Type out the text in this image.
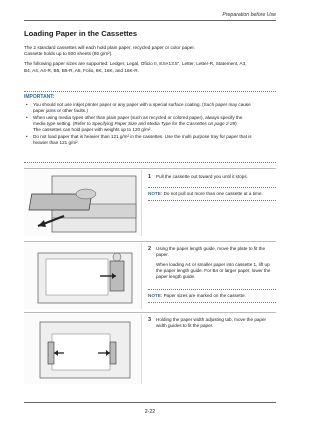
Preparation before Use
Loading Paper in the Cassettes

The 2 standard cassettes will each hold plain paper, recycled paper or color paper.
Cassette holds up to 500 sheets (80 g/m²).

The following paper sizes are supported: Ledger, Legal, Oficio II, 8.5×13.5", Letter, Letter-R, Statement, A3,
B4, A4, A4-R, B5, B5-R, A5, Folio, 8K, 16K, and 16K-R.

IMPORTANT:
• You should not use inkjet printer paper or any paper with a special surface coating. (Such paper may cause
paper jams or other faults.)
• When using media types other than plain paper (such as recycled or colored paper), always specify the
media type setting. (Refer to Specifying Paper Size and Media Type for the Cassettes on page 2-28)
The cassettes can hold paper with weights up to 120 g/m².
• Do not load paper that is heavier than 121 g/m² in the cassettes. Use the multi purpose tray for paper that is
heavier than 121 g/m².
1 Pull the cassette out toward you until it stops.
NOTE: Do not pull out more than one cassette at a time.
2 Using the paper length guide, move the plate to fit the paper.

When loading A4 or smaller paper into cassette 1, lift up the paper length guide. For B4 or larger paper, lower the paper length guide.

NOTE: Paper sizes are marked on the cassette.
3 Holding the paper width adjusting tab, move the paper width guides to fit the paper.
2-22
